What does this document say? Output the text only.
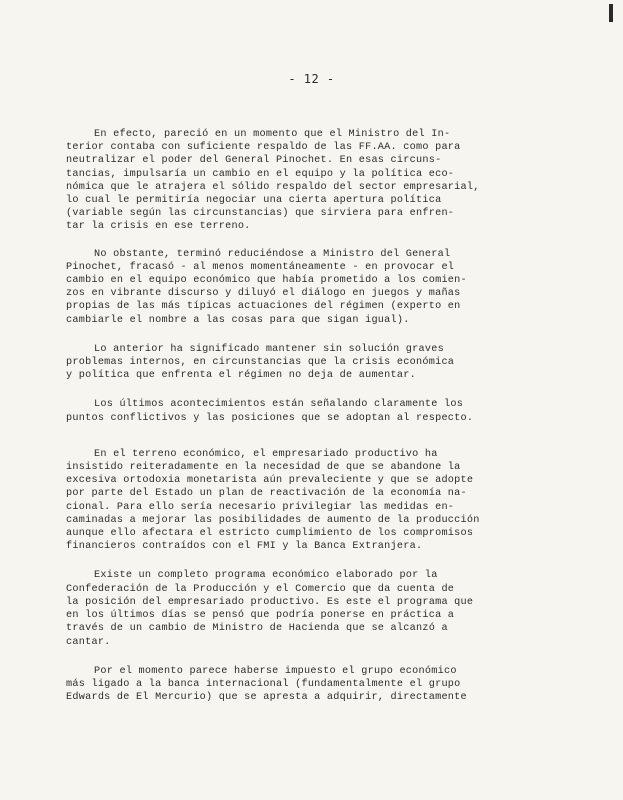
- 12 -

En efecto, pareció en un momento que el Ministro del In-
terior contaba con suficiente respaldo de las FF.AA. como para
neutralizar el poder del General Pinochet. En esas circuns-
tancias, impulsaría un cambio en el equipo y la política eco-
nómica que le atrajera el sólido respaldo del sector empresarial,
lo cual le permitiría negociar una cierta apertura política
(variable según las circunstancias) que sirviera para enfren-
tar la crisis en ese terreno.

No obstante, terminó reduciéndose a Ministro del General
Pinochet, fracasó - al menos momentáneamente - en provocar el
cambio en el equipo económico que había prometido a los comien-
zos en vibrante discurso y diluyó el diálogo en juegos y mañas
propias de las más típicas actuaciones del régimen (experto en
cambiarle el nombre a las cosas para que sigan igual).

Lo anterior ha significado mantener sin solución graves
problemas internos, en circunstancias que la crisis económica
y política que enfrenta el régimen no deja de aumentar.

Los últimos acontecimientos están señalando claramente los
puntos conflictivos y las posiciones que se adoptan al respecto.

En el terreno económico, el empresariado productivo ha
insistido reiteradamente en la necesidad de que se abandone la
excesiva ortodoxia monetarista aún prevaleciente y que se adopte
por parte del Estado un plan de reactivación de la economía na-
cional. Para ello sería necesario privilegiar las medidas en-
caminadas a mejorar las posibilidades de aumento de la producción
aunque ello afectara el estricto cumplimiento de los compromisos
financieros contraídos con el FMI y la Banca Extranjera.

Existe un completo programa económico elaborado por la
Confederación de la Producción y el Comercio que da cuenta de
la posición del empresariado productivo. Es este el programa que
en los últimos días se pensó que podría ponerse en práctica a
través de un cambio de Ministro de Hacienda que se alcanzó a
cantar.

Por el momento parece haberse impuesto el grupo económico
más ligado a la banca internacional (fundamentalmente el grupo
Edwards de El Mercurio) que se apresta a adquirir, directamente
